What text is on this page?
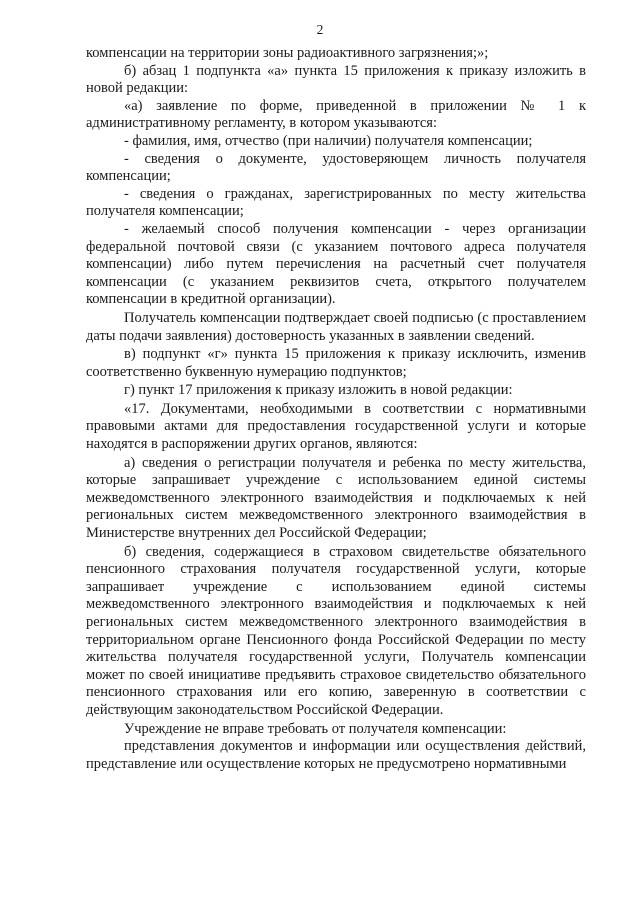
2

компенсации на территории зоны радиоактивного загрязнения;»;

б) абзац 1 подпункта «а» пункта 15 приложения к приказу изложить в новой редакции:

«а) заявление по форме, приведенной в приложении № 1 к административному регламенту, в котором указываются:

- фамилия, имя, отчество (при наличии) получателя компенсации;

- сведения о документе, удостоверяющем личность получателя компенсации;

- сведения о гражданах, зарегистрированных по месту жительства получателя компенсации;

- желаемый способ получения компенсации - через организации федеральной почтовой связи (с указанием почтового адреса получателя компенсации) либо путем перечисления на расчетный счет получателя компенсации (с указанием реквизитов счета, открытого получателем компенсации в кредитной организации).

Получатель компенсации подтверждает своей подписью (с проставлением даты подачи заявления) достоверность указанных в заявлении сведений.

в) подпункт «г» пункта 15 приложения к приказу исключить, изменив соответственно буквенную нумерацию подпунктов;

г) пункт 17 приложения к приказу изложить в новой редакции:

«17. Документами, необходимыми в соответствии с нормативными правовыми актами для предоставления государственной услуги и которые находятся в распоряжении других органов, являются:

а) сведения о регистрации получателя и ребенка по месту жительства, которые запрашивает учреждение с использованием единой системы межведомственного электронного взаимодействия и подключаемых к ней региональных систем межведомственного электронного взаимодействия в Министерстве внутренних дел Российской Федерации;

б) сведения, содержащиеся в страховом свидетельстве обязательного пенсионного страхования получателя государственной услуги, которые запрашивает учреждение с использованием единой системы межведомственного электронного взаимодействия и подключаемых к ней региональных систем межведомственного электронного взаимодействия в территориальном органе Пенсионного фонда Российской Федерации по месту жительства получателя государственной услуги, Получатель компенсации может по своей инициативе предъявить страховое свидетельство обязательного пенсионного страхования или его копию, заверенную в соответствии с действующим законодательством Российской Федерации.

Учреждение не вправе требовать от получателя компенсации:

представления документов и информации или осуществления действий, представление или осуществление которых не предусмотрено нормативными
